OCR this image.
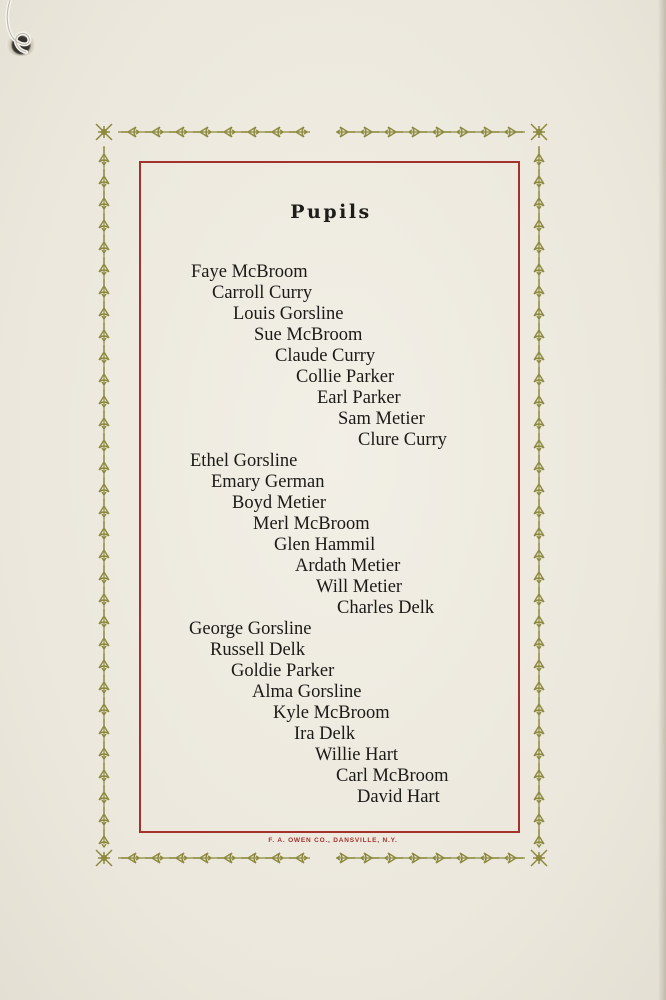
Pupils
Faye McBroom
Carroll Curry
Louis Gorsline
Sue McBroom
Claude Curry
Collie Parker
Earl Parker
Sam Metier
Clure Curry
Ethel Gorsline
Emary German
Boyd Metier
Merl McBroom
Glen Hammil
Ardath Metier
Will Metier
Charles Delk
George Gorsline
Russell Delk
Goldie Parker
Alma Gorsline
Kyle McBroom
Ira Delk
Willie Hart
Carl McBroom
David Hart
F. A. OWEN CO., DANSVILLE, N.Y.
